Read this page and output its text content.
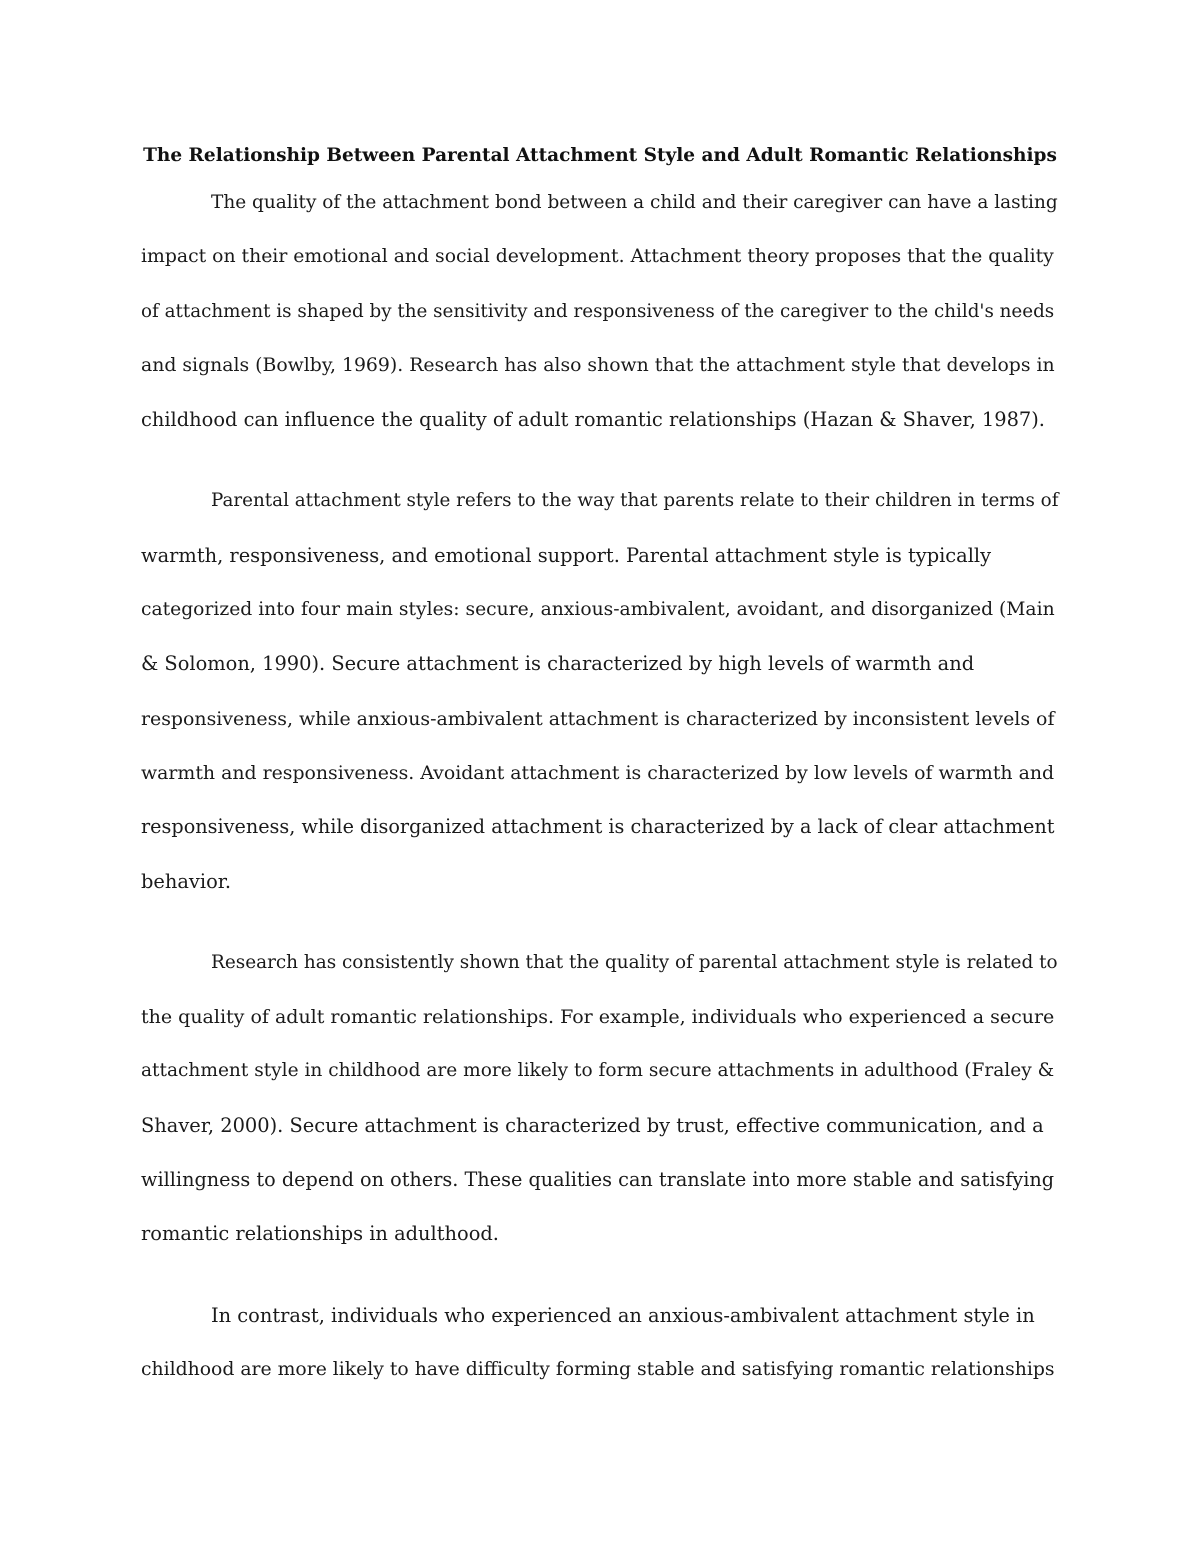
The Relationship Between Parental Attachment Style and Adult Romantic Relationships

The quality of the attachment bond between a child and their caregiver can have a lasting
impact on their emotional and social development. Attachment theory proposes that the quality
of attachment is shaped by the sensitivity and responsiveness of the caregiver to the child's needs
and signals (Bowlby, 1969). Research has also shown that the attachment style that develops in
childhood can influence the quality of adult romantic relationships (Hazan & Shaver, 1987).

Parental attachment style refers to the way that parents relate to their children in terms of
warmth, responsiveness, and emotional support. Parental attachment style is typically
categorized into four main styles: secure, anxious-ambivalent, avoidant, and disorganized (Main
& Solomon, 1990). Secure attachment is characterized by high levels of warmth and
responsiveness, while anxious-ambivalent attachment is characterized by inconsistent levels of
warmth and responsiveness. Avoidant attachment is characterized by low levels of warmth and
responsiveness, while disorganized attachment is characterized by a lack of clear attachment
behavior.

Research has consistently shown that the quality of parental attachment style is related to
the quality of adult romantic relationships. For example, individuals who experienced a secure
attachment style in childhood are more likely to form secure attachments in adulthood (Fraley &
Shaver, 2000). Secure attachment is characterized by trust, effective communication, and a
willingness to depend on others. These qualities can translate into more stable and satisfying
romantic relationships in adulthood.

In contrast, individuals who experienced an anxious-ambivalent attachment style in
childhood are more likely to have difficulty forming stable and satisfying romantic relationships
